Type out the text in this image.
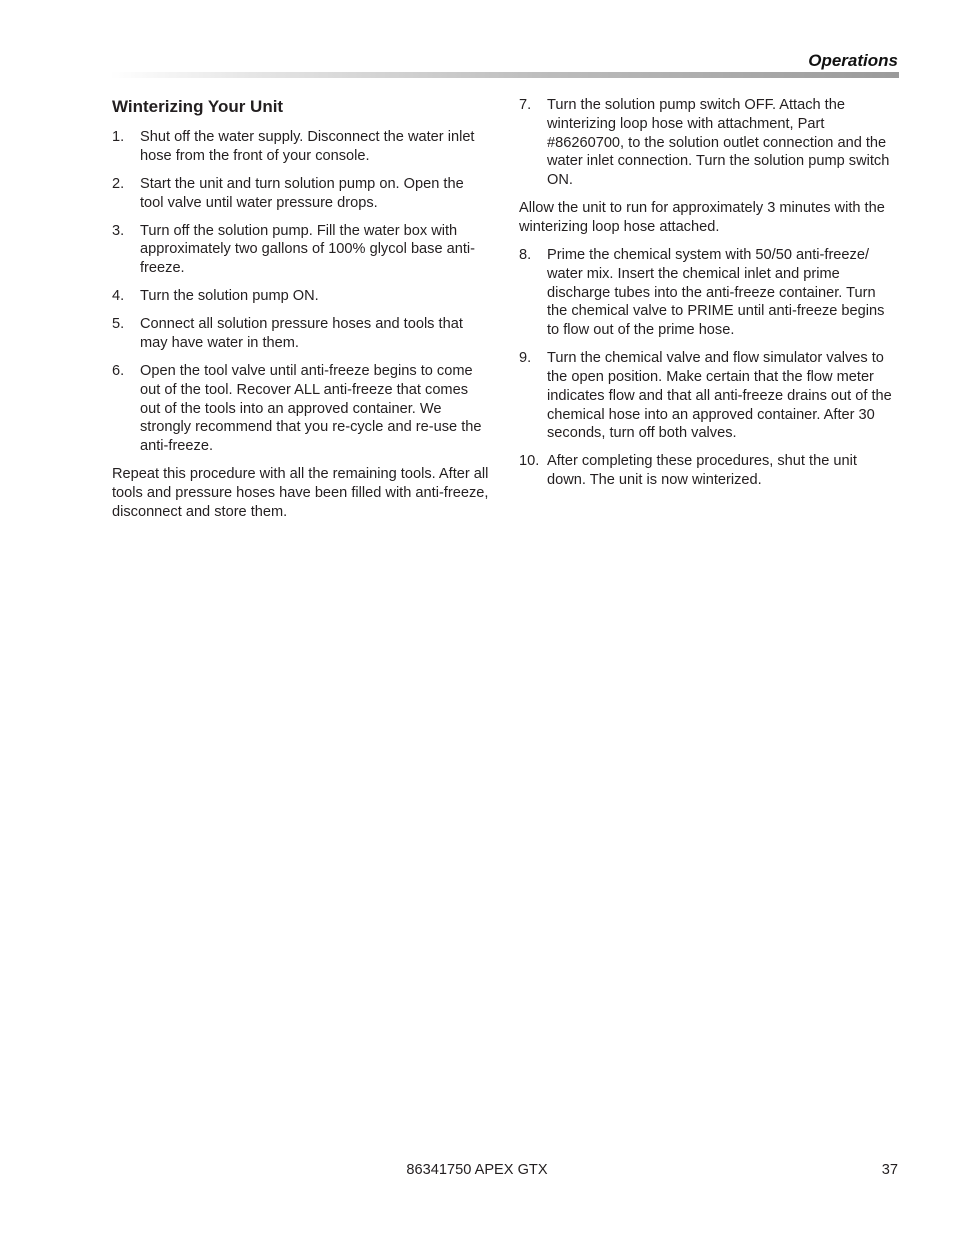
Operations
Winterizing Your Unit
1.	Shut off the water supply. Disconnect the water inlet hose from the front of your console.
2.	Start the unit and turn solution pump on. Open the tool valve until water pressure drops.
3.	Turn off the solution pump. Fill the water box with approximately two gallons of 100% glycol base anti-freeze.
4.	Turn the solution pump ON.
5.	Connect all solution pressure hoses and tools that may have water in them.
6.	Open the tool valve until anti-freeze begins to come out of the tool. Recover ALL anti-freeze that comes out of the tools into an approved container. We strongly recommend that you re-cycle and re-use the anti-freeze.

Repeat this procedure with all the remaining tools. After all tools and pressure hoses have been filled with anti-freeze, disconnect and store them.

7.	Turn the solution pump switch OFF. Attach the winterizing loop hose with attachment, Part #86260700, to the solution outlet connection and the water inlet connection. Turn the solution pump switch ON.

Allow the unit to run for approximately 3 minutes with the winterizing loop hose attached.

8.	Prime the chemical system with 50/50 anti-freeze/ water mix. Insert the chemical inlet and prime discharge tubes into the anti-freeze container. Turn the chemical valve to PRIME until anti-freeze begins to flow out of the prime hose.
9.	Turn the chemical valve and flow simulator valves to the open position. Make certain that the flow meter indicates flow and that all anti-freeze drains out of the chemical hose into an approved container. After 30 seconds, turn off both valves.
10. After completing these procedures, shut the unit down. The unit is now winterized.
86341750 APEX GTX	37
